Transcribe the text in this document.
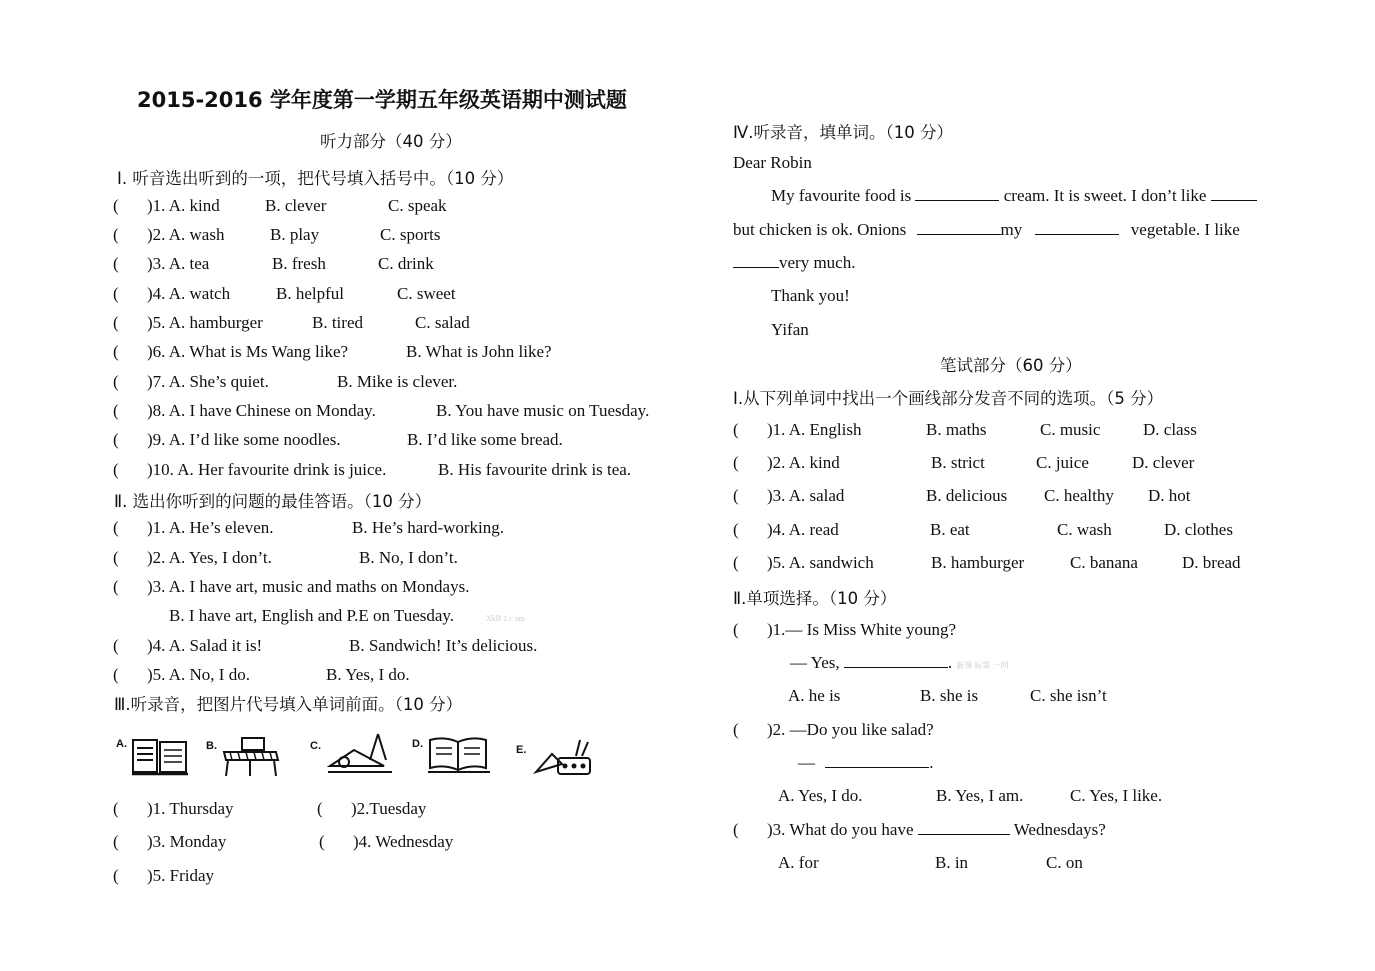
2015-2016 学年度第一学期五年级英语期中测试题
听力部分（40 分）
Ⅰ. 听音选出听到的一项，把代号填入括号中。（10 分）
( )1. A. kind	B. clever	C. speak
( )2. A. wash	B. play	C. sports
( )3. A. tea	B. fresh	C. drink
( )4. A. watch	B. helpful	C. sweet
( )5. A. hamburger	B. tired	C. salad
( )6. A. What is Ms Wang like?	B. What is John like?
( )7. A. She’s quiet.	B. Mike is clever.
( )8. A. I have Chinese on Monday.	B. You have music on Tuesday.
( )9. A. I’d like some noodles.	B. I’d like some bread.
( )10. A. Her favourite drink is juice.	B. His favourite drink is tea.
Ⅱ. 选出你听到的问题的最佳答语。（10 分）
( )1. A. He’s eleven.	B. He’s hard-working.
( )2. A. Yes, I don’t.	B. No, I don’t.
( )3. A. I have art, music and maths on Mondays.
B. I have art, English and P.E on Tuesday.	XkB 1 c om
( )4. A. Salad it is!	B. Sandwich! It’s delicious.
( )5. A. No, I do.	B. Yes, I do.
Ⅲ.听录音，把图片代号填入单词前面。（10 分）
A.	B.	C.	D.	E.
( )1. Thursday	( )2.Tuesday
( )3. Monday	( )4. Wednesday
( )5. Friday
Ⅳ.听录音，填单词。（10 分）
Dear Robin
My favourite food is	cream. It is sweet. I don’t like
but chicken is ok. Onions	my	vegetable. I like
very much.
Thank you!
Yifan
笔试部分（60 分）
Ⅰ.从下列单词中找出一个画线部分发音不同的选项。（5 分）
( )1. A. English	B. maths	C. music	D. class
( )2. A. kind	B. strict	C. juice	D. clever
( )3. A. salad	B. delicious C. healthy D. hot
( )4. A. read	B. eat	C. wash	D. clothes
( )5. A. sandwich	B. hamburger	C. banana	D. bread
Ⅱ.单项选择。（10 分）
( )1.— Is Miss White young?
— Yes,	. 新课 标第 一网
A. he is	B. she is	C. she isn’t
( )2. —Do you like salad?
—	.
A. Yes, I do.	B. Yes, I am.	C. Yes, I like.
( )3. What do you have	Wednesdays?
A. for	B. in	C. on
